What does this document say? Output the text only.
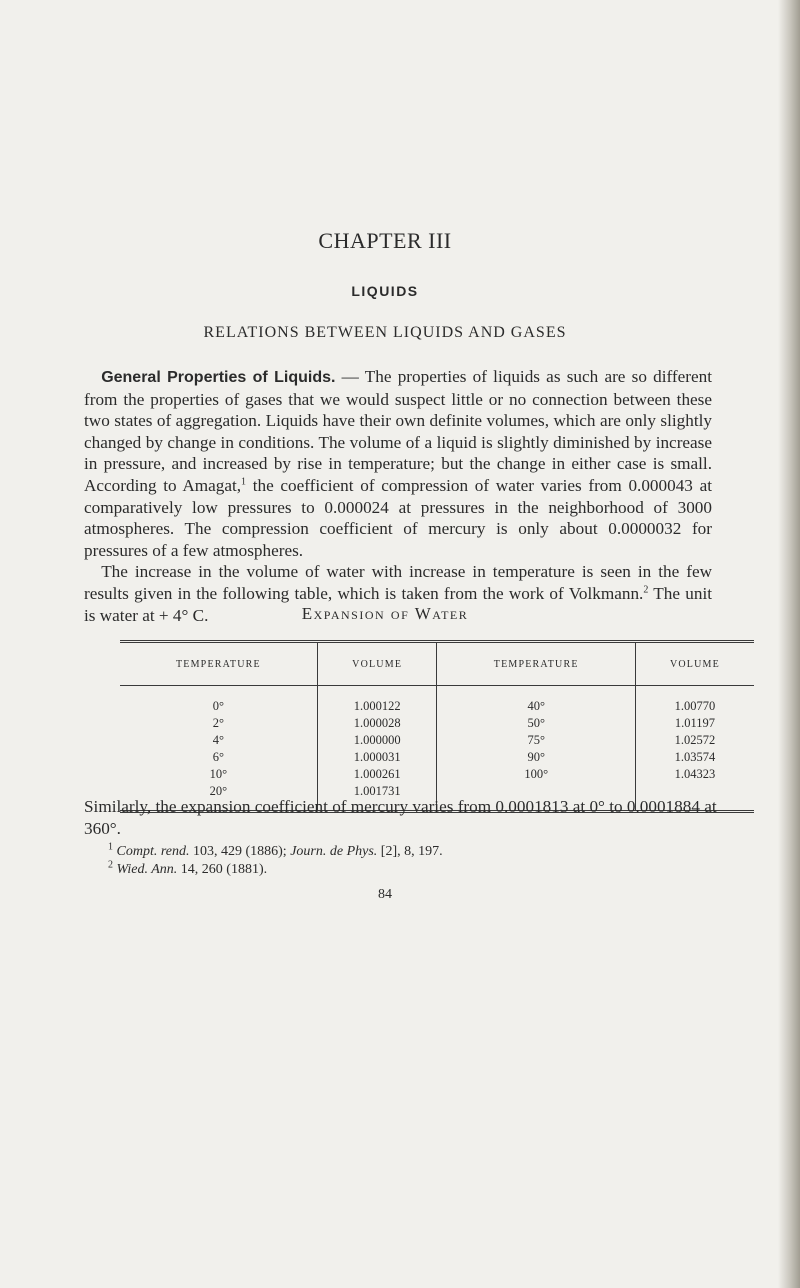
CHAPTER III
LIQUIDS
RELATIONS BETWEEN LIQUIDS AND GASES

 General Properties of Liquids. — The properties of liquids as such are so different from the properties of gases that we would suspect little or no connection between these two states of aggregation. Liquids have their own definite volumes, which are only slightly changed by change in conditions. The volume of a liquid is slightly diminished by increase in pressure, and increased by rise in temperature; but the change in either case is small. According to Amagat,$^1$ the coefficient of compression of water varies from 0.000043 at comparatively low pressures to 0.000024 at pressures in the neighborhood of 3000 atmospheres. The compression coefficient of mercury is only about 0.0000032 for pressures of a few atmospheres.

 The increase in the volume of water with increase in temperature is seen in the few results given in the following table, which is taken from the work of Volkmann.$^2$ The unit is water at + 4° C.	Expansion of Water
TEMPERATURE	VOLUME	TEMPERATURE	VOLUME
0°	1.000122	40°	1.00770
2°	1.000028	50°	1.01197
4°	1.000000	75°	1.02572
6°	1.000031	90°	1.03574
10°	1.000261	100°	1.04323
20°	1.001731		
Similarly, the expansion coefficient of mercury varies from 0.0001813 at 0° to 0.0001884 at 360°.
$^1$ Compt. rend. 103, 429 (1886); Journ. de Phys. [2], 8, 197.
$^2$ Wied. Ann. 14, 260 (1881).
84
